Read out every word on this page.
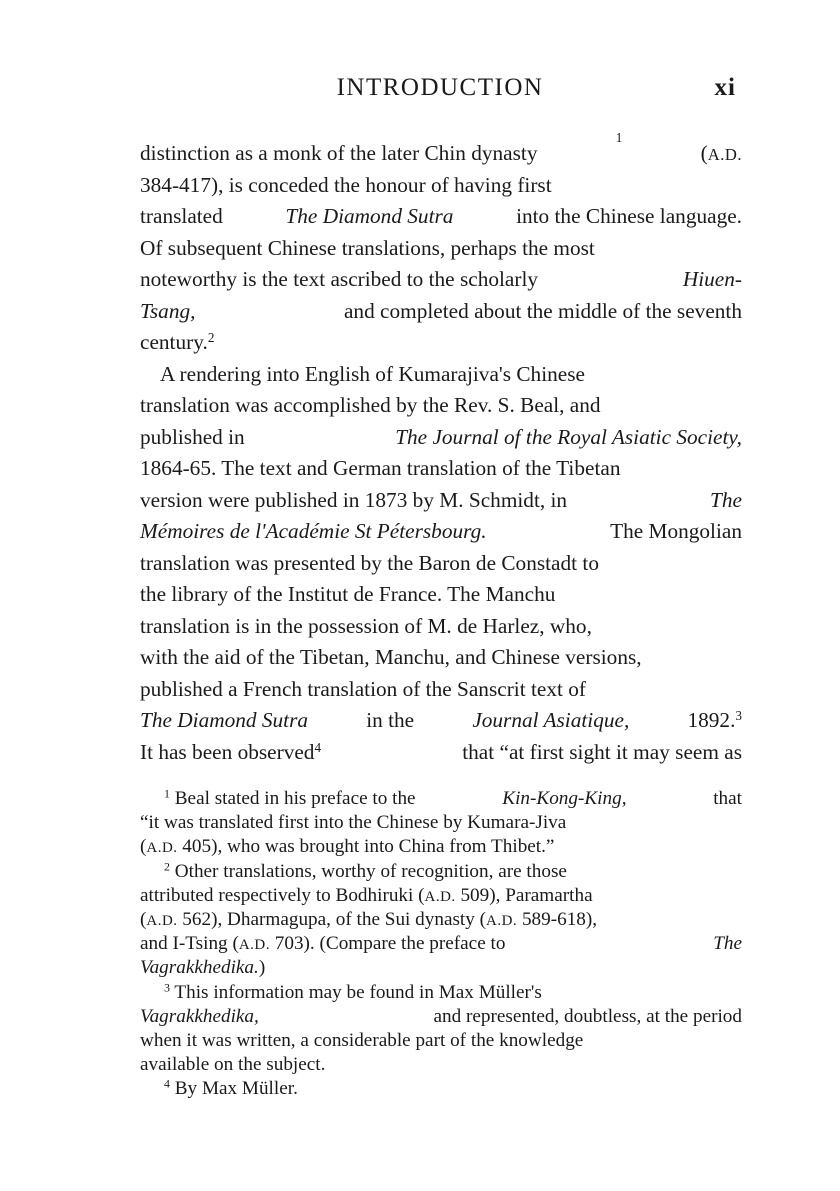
INTRODUCTION	xi
distinction as a monk of the later Chin dynasty
1
(A.D.
384-417), is conceded the honour of having first
translated	The Diamond Sutra	into the Chinese language.
Of subsequent Chinese translations, perhaps the most
noteworthy is the text ascribed to the scholarly	Hiuen-
Tsang,	and completed about the middle of the seventh
century.$^2$
A rendering into English of Kumarajiva's Chinese
translation was accomplished by the Rev. S. Beal, and
published in	The Journal of the Royal Asiatic Society,
1864-65. The text and German translation of the Tibetan
version were published in 1873 by M. Schmidt, in	The
Mémoires de l'Académie St Pétersbourg.	The Mongolian
translation was presented by the Baron de Constadt to
the library of the Institut de France. The Manchu
translation is in the possession of M. de Harlez, who,
with the aid of the Tibetan, Manchu, and Chinese versions,
published a French translation of the Sanscrit text of
The Diamond Sutra	in the	Journal Asiatique,	1892.$^3$
It has been observed$^4$	that “at first sight it may seem as
$^1$ Beal stated in his preface to the	Kin-Kong-King,	that
“it was translated first into the Chinese by Kumara-Jiva
(A.D. 405), who was brought into China from Thibet.”
$^2$ Other translations, worthy of recognition, are those
attributed respectively to Bodhiruki (A.D. 509), Paramartha
(A.D. 562), Dharmagupa, of the Sui dynasty (A.D. 589-618),
and I-Tsing (A.D. 703). (Compare the preface to	The
Vagrakkhedika.)
$^3$ This information may be found in Max Müller's
Vagrakkhedika,	and represented, doubtless, at the period
when it was written, a considerable part of the knowledge
available on the subject.
$^4$ By Max Müller.
